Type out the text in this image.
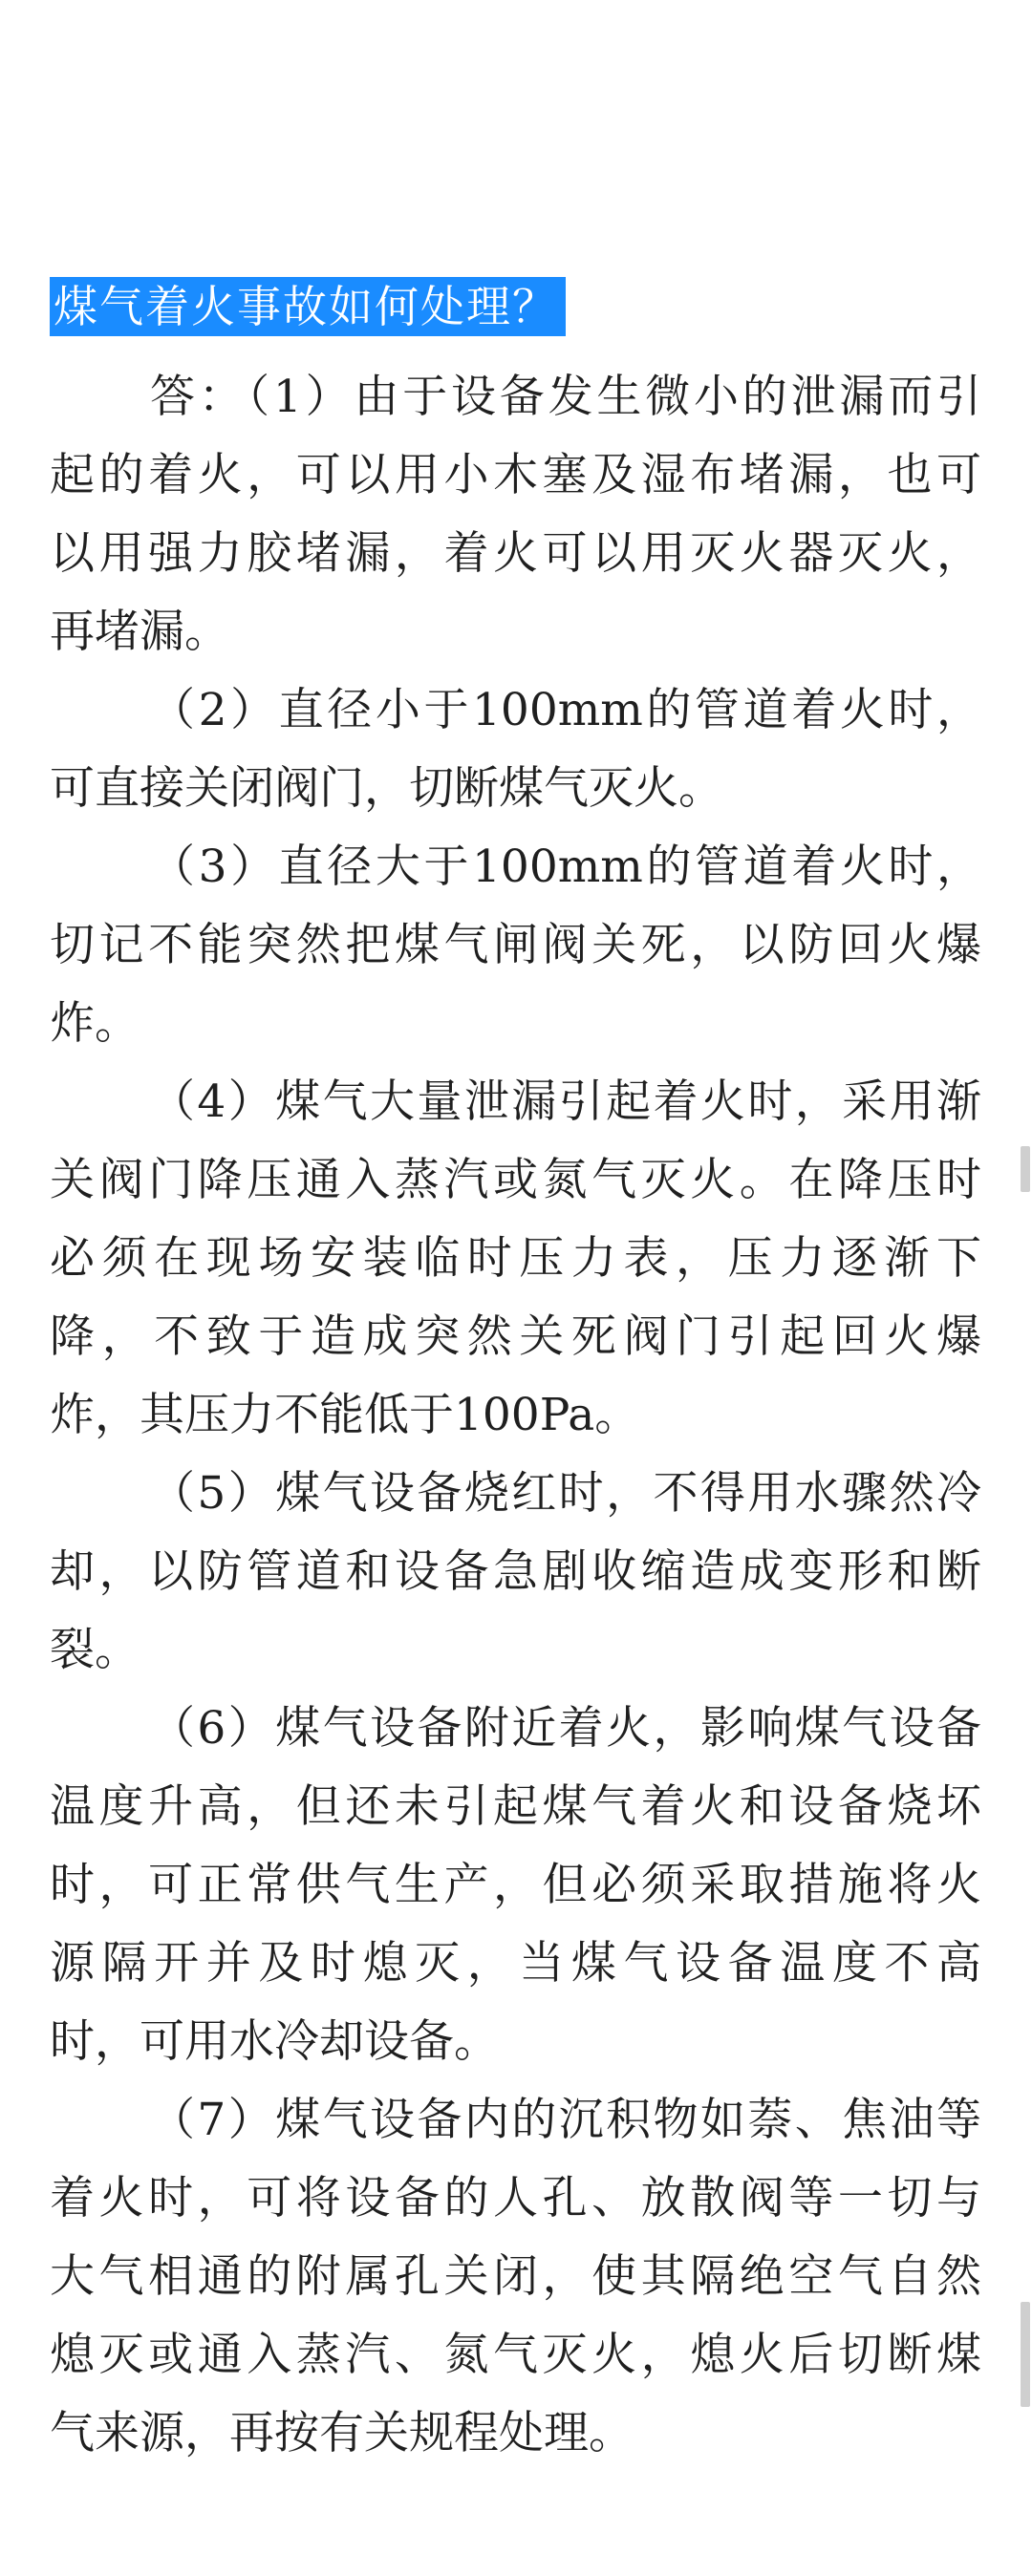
煤气着火事故如何处理？
答：（1）由于设备发生微小的泄漏而引
起的着火，可以用小木塞及湿布堵漏，也可
以用强力胶堵漏，着火可以用灭火器灭火，
再堵漏。
（2）直径小于100mm的管道着火时，
可直接关闭阀门，切断煤气灭火。
（3）直径大于100mm的管道着火时，
切记不能突然把煤气闸阀关死，以防回火爆
炸。
（4）煤气大量泄漏引起着火时，采用渐
关阀门降压通入蒸汽或氮气灭火。在降压时
必须在现场安装临时压力表，压力逐渐下
降，不致于造成突然关死阀门引起回火爆
炸，其压力不能低于100Pa。
（5）煤气设备烧红时，不得用水骤然冷
却，以防管道和设备急剧收缩造成变形和断
裂。
（6）煤气设备附近着火，影响煤气设备
温度升高，但还未引起煤气着火和设备烧坏
时，可正常供气生产，但必须采取措施将火
源隔开并及时熄灭，当煤气设备温度不高
时，可用水冷却设备。
（7）煤气设备内的沉积物如萘、焦油等
着火时，可将设备的人孔、放散阀等一切与
大气相通的附属孔关闭，使其隔绝空气自然
熄灭或通入蒸汽、氮气灭火，熄火后切断煤
气来源，再按有关规程处理。
